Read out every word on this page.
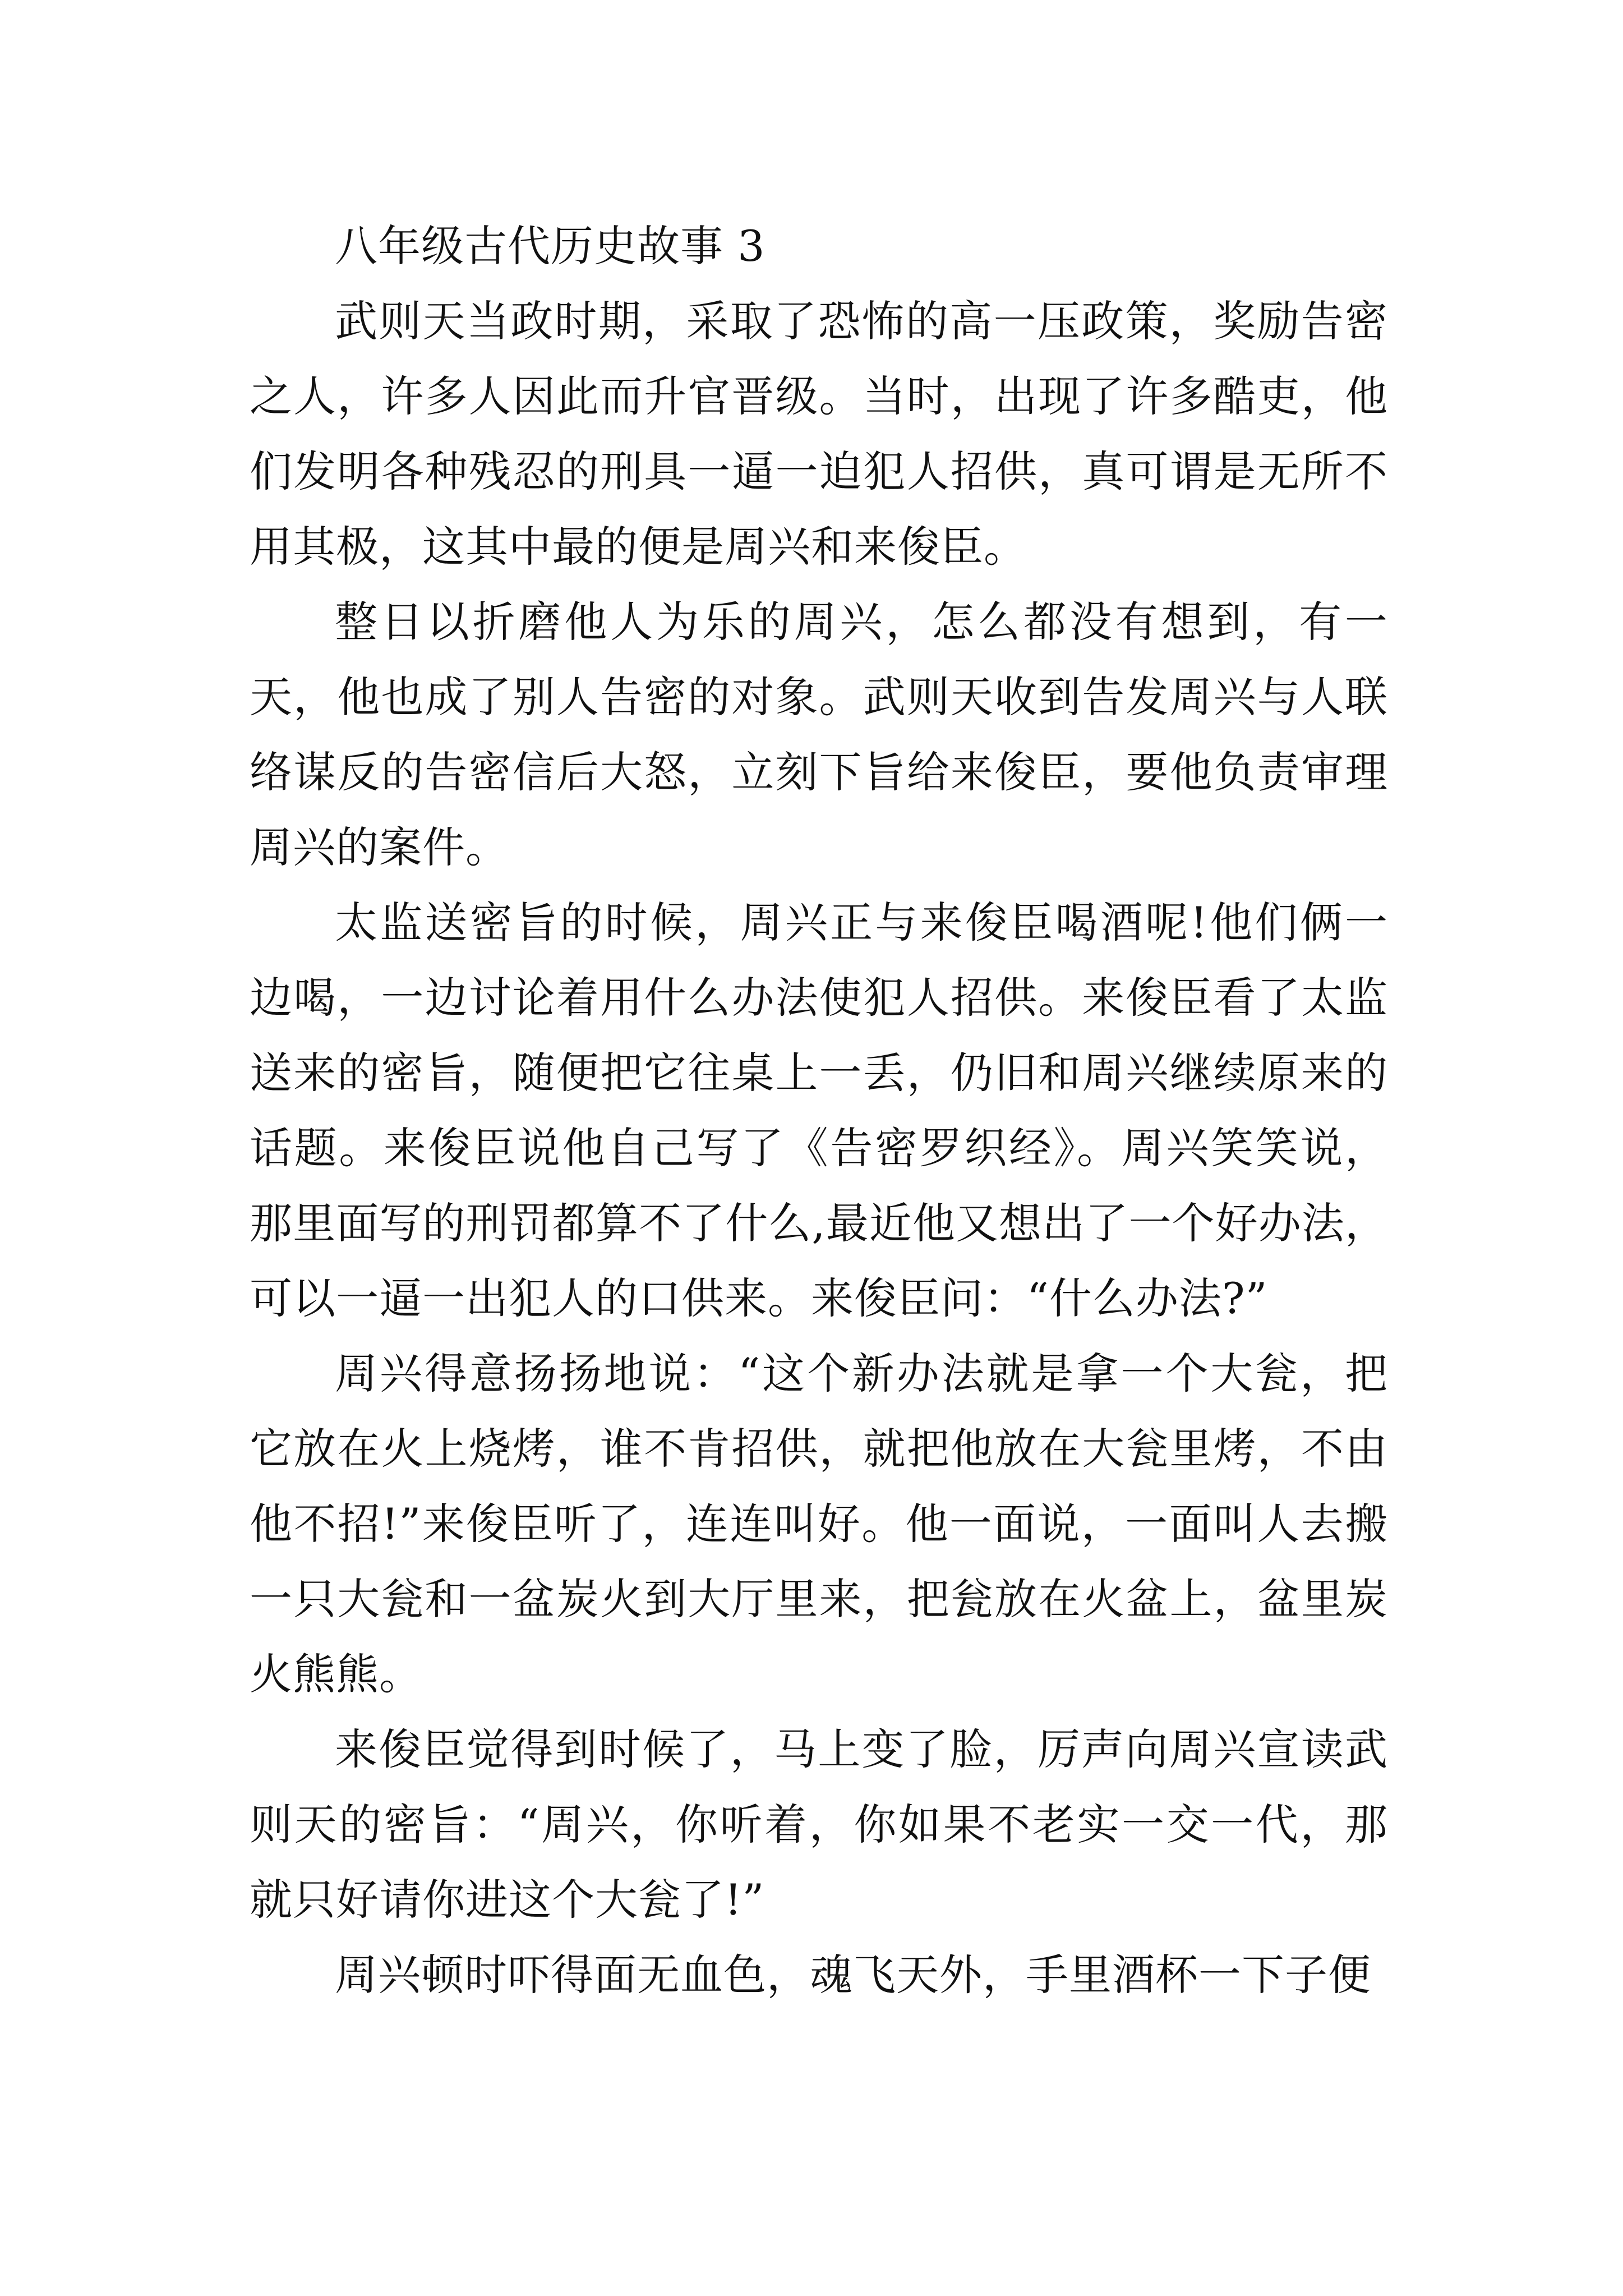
八年级古代历史故事 3

武则天当政时期，采取了恐怖的高一压政策，奖励告密之人，许多人因此而升官晋级。当时，出现了许多酷吏，他们发明各种残忍的刑具一逼一迫犯人招供，真可谓是无所不用其极，这其中最的便是周兴和来俊臣。

整日以折磨他人为乐的周兴，怎么都没有想到，有一天，他也成了别人告密的对象。武则天收到告发周兴与人联络谋反的告密信后大怒，立刻下旨给来俊臣，要他负责审理周兴的案件。

太监送密旨的时候，周兴正与来俊臣喝酒呢!他们俩一边喝，一边讨论着用什么办法使犯人招供。来俊臣看了太监送来的密旨，随便把它往桌上一丢，仍旧和周兴继续原来的话题。来俊臣说他自己写了《告密罗织经》。周兴笑笑说，那里面写的刑罚都算不了什么,最近他又想出了一个好办法，可以一逼一出犯人的口供来。来俊臣问：“什么办法?”

周兴得意扬扬地说：“这个新办法就是拿一个大瓮，把它放在火上烧烤，谁不肯招供，就把他放在大瓮里烤，不由他不招!”来俊臣听了，连连叫好。他一面说，一面叫人去搬一只大瓮和一盆炭火到大厅里来，把瓮放在火盆上，盆里炭火熊熊。

来俊臣觉得到时候了，马上变了脸，厉声向周兴宣读武则天的密旨：“周兴，你听着，你如果不老实一交一代，那就只好请你进这个大瓮了!”

周兴顿时吓得面无血色，魂飞天外，手里酒杯一下子便
